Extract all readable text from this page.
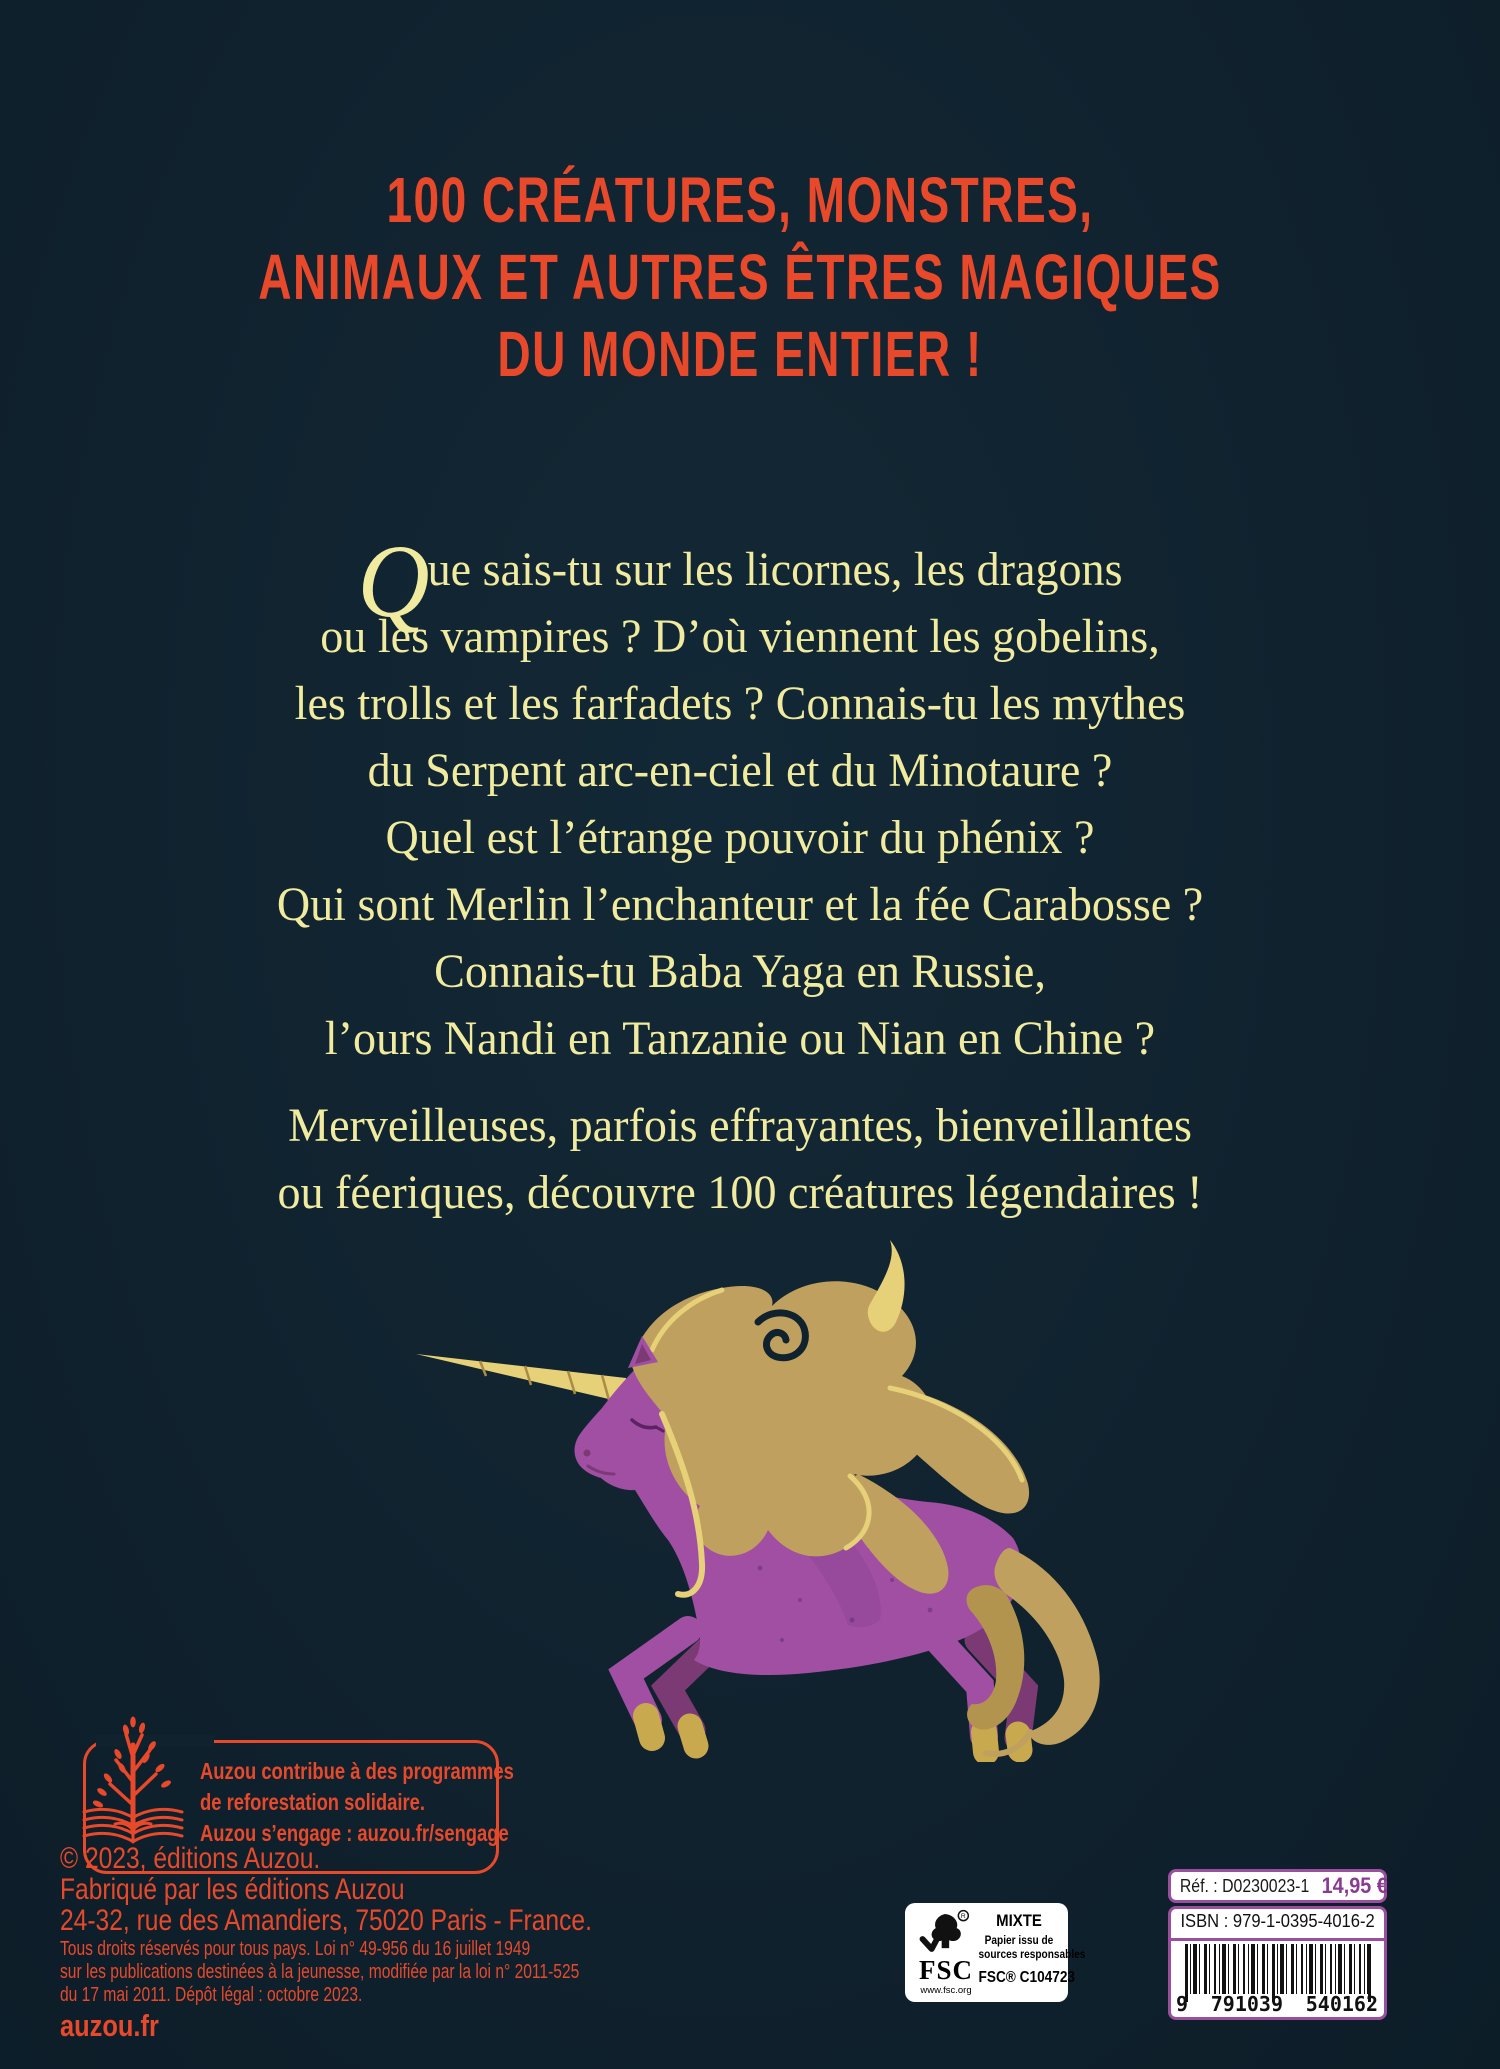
100 CRÉATURES, MONSTRES,
ANIMAUX ET AUTRES ÊTRES MAGIQUES
DU MONDE ENTIER !
Que sais-tu sur les licornes, les dragons
ou les vampires ? D’où viennent les gobelins,
les trolls et les farfadets ? Connais-tu les mythes
du Serpent arc-en-ciel et du Minotaure ?
Quel est l’étrange pouvoir du phénix ?
Qui sont Merlin l’enchanteur et la fée Carabosse ?
Connais-tu Baba Yaga en Russie,
l’ours Nandi en Tanzanie ou Nian en Chine ?
Merveilleuses, parfois effrayantes, bienveillantes
ou féeriques, découvre 100 créatures légendaires !
Auzou contribue à des programmes
de reforestation solidaire.
Auzou s’engage : auzou.fr/sengage
© 2023, éditions Auzou.
Fabriqué par les éditions Auzou
24-32, rue des Amandiers, 75020 Paris - France.
Tous droits réservés pour tous pays. Loi n° 49-956 du 16 juillet 1949
sur les publications destinées à la jeunesse, modifiée par la loi n° 2011-525
du 17 mai 2011. Dépôt légal : octobre 2023.
auzou.fr
R
FSC
www.fsc.org
MIXTE
Papier issu de
sources responsables
FSC® C104723
Réf. : D0230023-1 14,95 €
ISBN : 979-1-0395-4016-2
9 791039 540162
